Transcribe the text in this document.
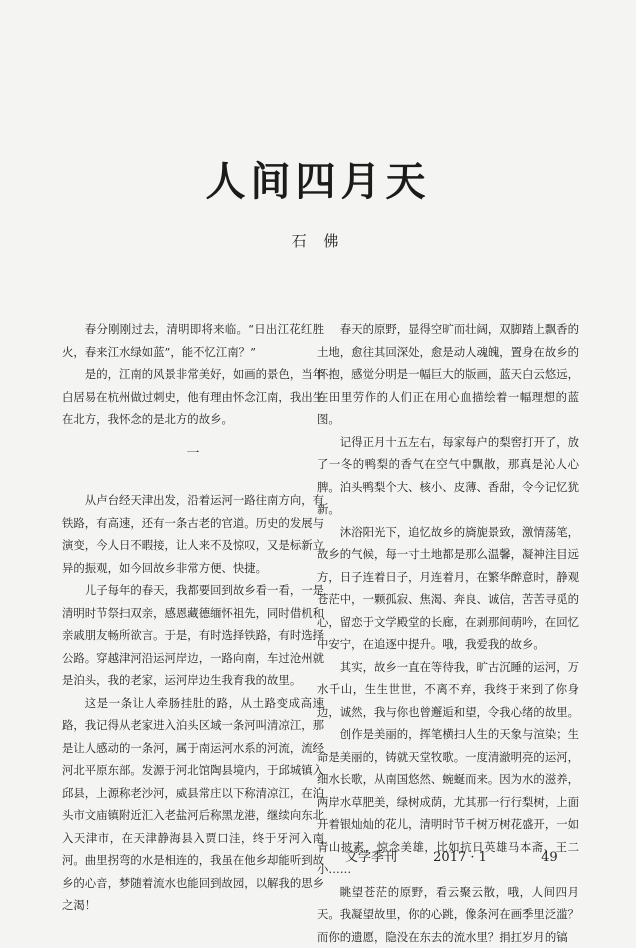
人间四月天
石 佛

春分刚刚过去，清明即将来临。“日出江花红胜火，春来江水绿如蓝”，能不忆江南？”

是的，江南的风景非常美好，如画的景色，当年白居易在杭州做过刺史，他有理由怀念江南，我出生在北方，我怀念的是北方的故乡。

一

从卢台经天津出发，沿着运河一路往南方向，有铁路，有高速，还有一条古老的官道。历史的发展与演变，今人日不暇接，让人来不及惊叹，又是标新立异的振观，如今回故乡非常方便、快捷。

儿子每年的春天，我都要回到故乡看一看，一是清明时节祭扫双亲，感恩藏德缅怀祖先，同时借机和亲戚朋友畅所欲言。于是，有时选择铁路，有时选择公路。穿越津河沿运河岸边，一路向南，车过沧州就是泊头，我的老家，运河岸边生我育我的故里。

这是一条让人牵肠挂肚的路，从土路变成高速路，我记得从老家进入泊头区域一条河叫清凉江，那是让人感动的一条河，属于南运河水系的河流，流经河北平原东部。发源于河北馆陶县境内，于邱城镇入邱县，上源称老沙河，威县常庄以下称清凉江，在泊头市文庙镇附近汇入老盐河后称黑龙港，继续向东北入天津市，在天津静海县入贾口洼，终于牙河入南河。曲里拐弯的水是相连的，我虽在他乡却能听到故乡的心音，梦随着流水也能回到故园，以解我的思乡之渴！

春天的原野，显得空旷而壮阔，双脚踏上飘香的土地，愈往其回深处，愈是动人魂魄，置身在故乡的怀抱，感觉分明是一幅巨大的版画，蓝天白云悠远，在田里劳作的人们正在用心血描绘着一幅理想的蓝图。

记得正月十五左右，每家每户的梨窖打开了，放了一冬的鸭梨的香气在空气中飘散，那真是沁人心脾。泊头鸭梨个大、核小、皮薄、香甜，令今记忆犹新。

沐浴阳光下，追忆故乡的旖旎景致，激情荡笔，故乡的气候，每一寸土地都是那么温馨，凝神注目远方，日子连着日子，月连着月，在繁华醉意时，静观苍茫中，一颗孤寂、焦渴、奔良、诚信，苦苦寻觅的心，留恋于文学殿堂的长廊，在剥那间萌吟，在回忆中安宁，在追逐中提升。哦，我爱我的故乡。

其实，故乡一直在等待我，旷古沉睡的运河，万水千山，生生世世，不离不弃，我终于来到了你身边，诚然，我与你也曾邂逅和望，令我心绪的故里。

创作是美丽的，挥笔横扫人生的天象与渲染；生命是美丽的，铸就天堂牧歌。一度清澈明亮的运河，细水长歌，从南国悠然、蜿蜒而来。因为水的滋养，两岸水草肥美，绿树成荫，尤其那一行行梨树，上面开着银灿灿的花儿，清明时节千树万树花盛开，一如青山披素，惊念美雄，比如抗日英雄马本斋、王二小……

眺望苍茫的原野，看云聚云散，哦，人间四月天。我凝望故里，你的心跳，像条河在画季里泛滥？而你的遗愿，隐没在东去的流水里？捐扛岁月的镐

文学季刊	2017 · 1	49
